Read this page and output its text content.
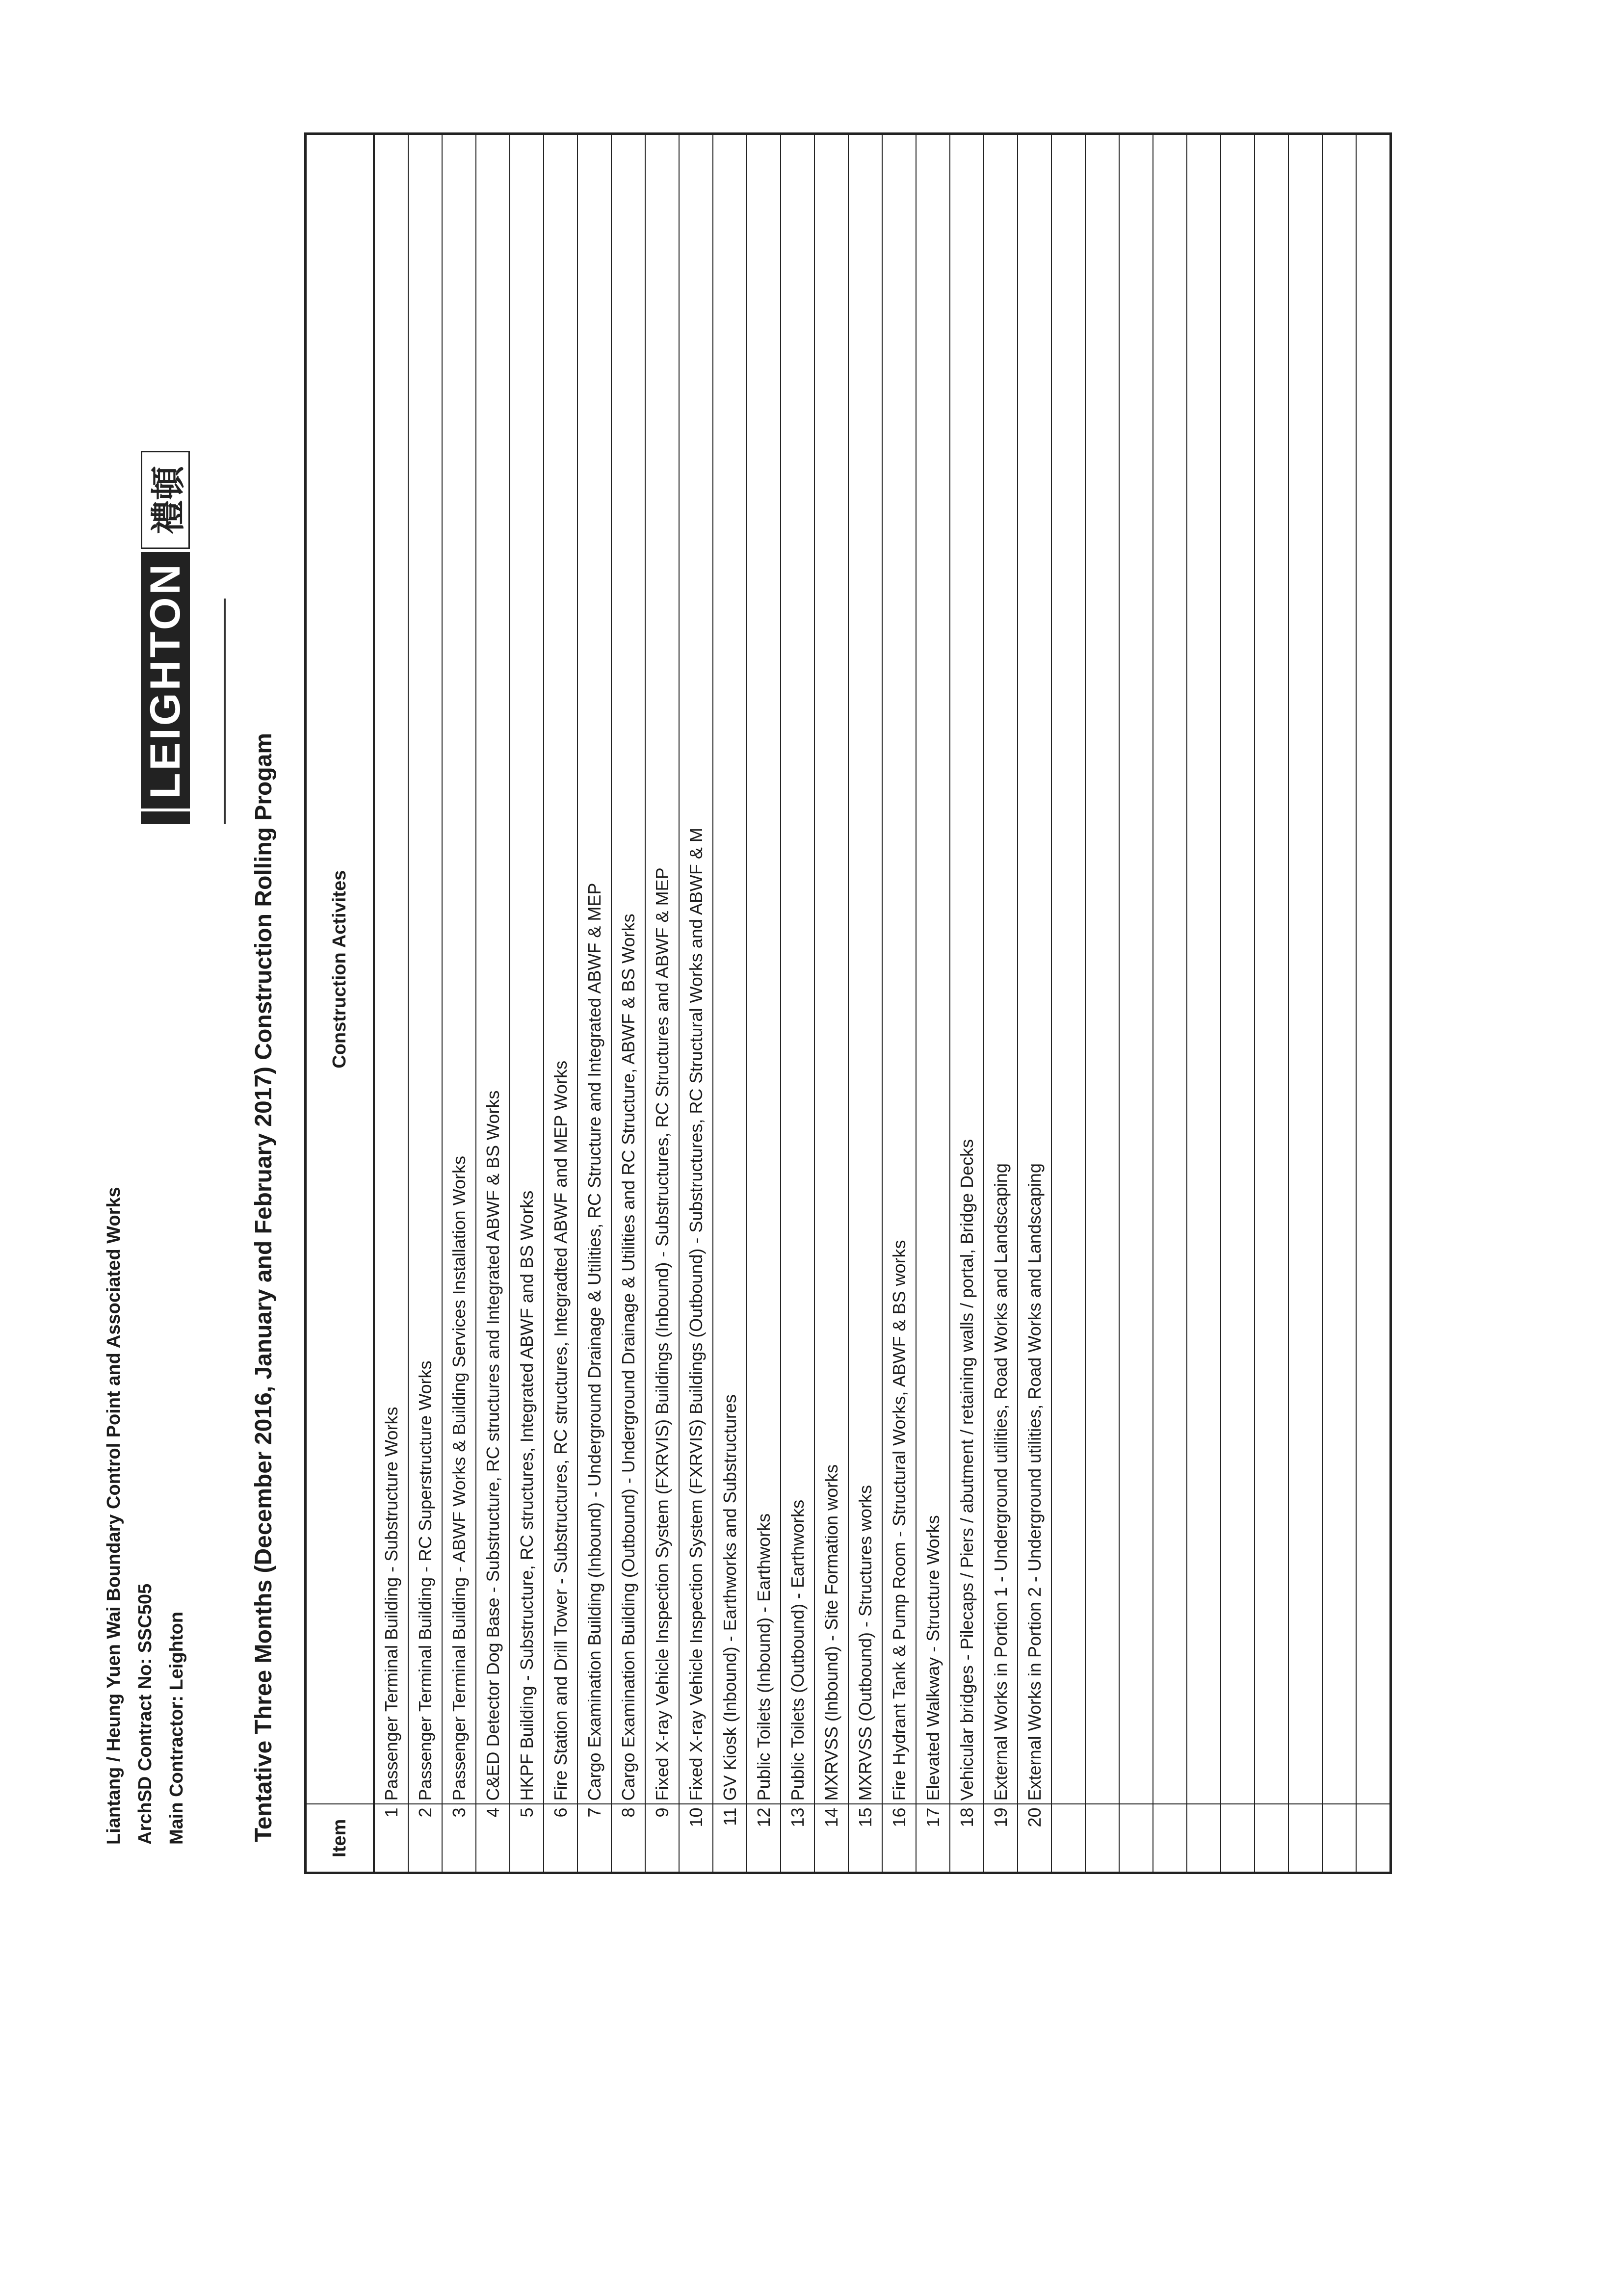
Liantang / Heung Yuen Wai Boundary Control Point and Associated Works ArchSD Contract No: SSC505 Main Contractor: Leighton
LEIGHTON
禮頓
Tentative Three Months (December 2016, January and February 2017) Construction Rolling Progam	Item	Construction Activites
1	Passenger Terminal Building - Substructure Works
2	Passenger Terminal Building - RC Superstructure Works
3	Passenger Terminal Building - ABWF Works & Building Services Installation Works
4	C&ED Detector Dog Base - Substructure, RC structures and Integrated ABWF & BS Works
5	HKPF Building - Substructure, RC structures, Integrated ABWF and BS Works
6	Fire Station and Drill Tower - Substructures, RC structures, Integradted ABWF and MEP Works
7	Cargo Examination Building (Inbound) - Underground Drainage & Utilities, RC Structure and Integrated ABWF & MEP
8	Cargo Examination Building (Outbound) - Underground Drainage & Utilities and RC Structure, ABWF & BS Works
9	Fixed X-ray Vehicle Inspection System (FXRVIS) Buildings (Inbound) - Substructures, RC Structures and ABWF & MEP
10	Fixed X-ray Vehicle Inspection System (FXRVIS) Buildings (Outbound) - Substructures, RC Structural Works and ABWF & M
11	GV Kiosk (Inbound) - Earthworks and Substructures
12	Public Toilets (Inbound) - Earthworks
13	Public Toilets (Outbound) - Earthworks
14	MXRVSS (Inbound) - Site Formation works
15	MXRVSS (Outbound) - Structures works
16	Fire Hydrant Tank & Pump Room - Structural Works, ABWF & BS works
17	Elevated Walkway - Structure Works
18	Vehicular bridges - Pilecaps / Piers / abutment / retaining walls / portal, Bridge Decks
19	External Works in Portion 1 - Underground utilities, Road Works and Landscaping
20	External Works in Portion 2 - Underground utilities, Road Works and Landscaping
